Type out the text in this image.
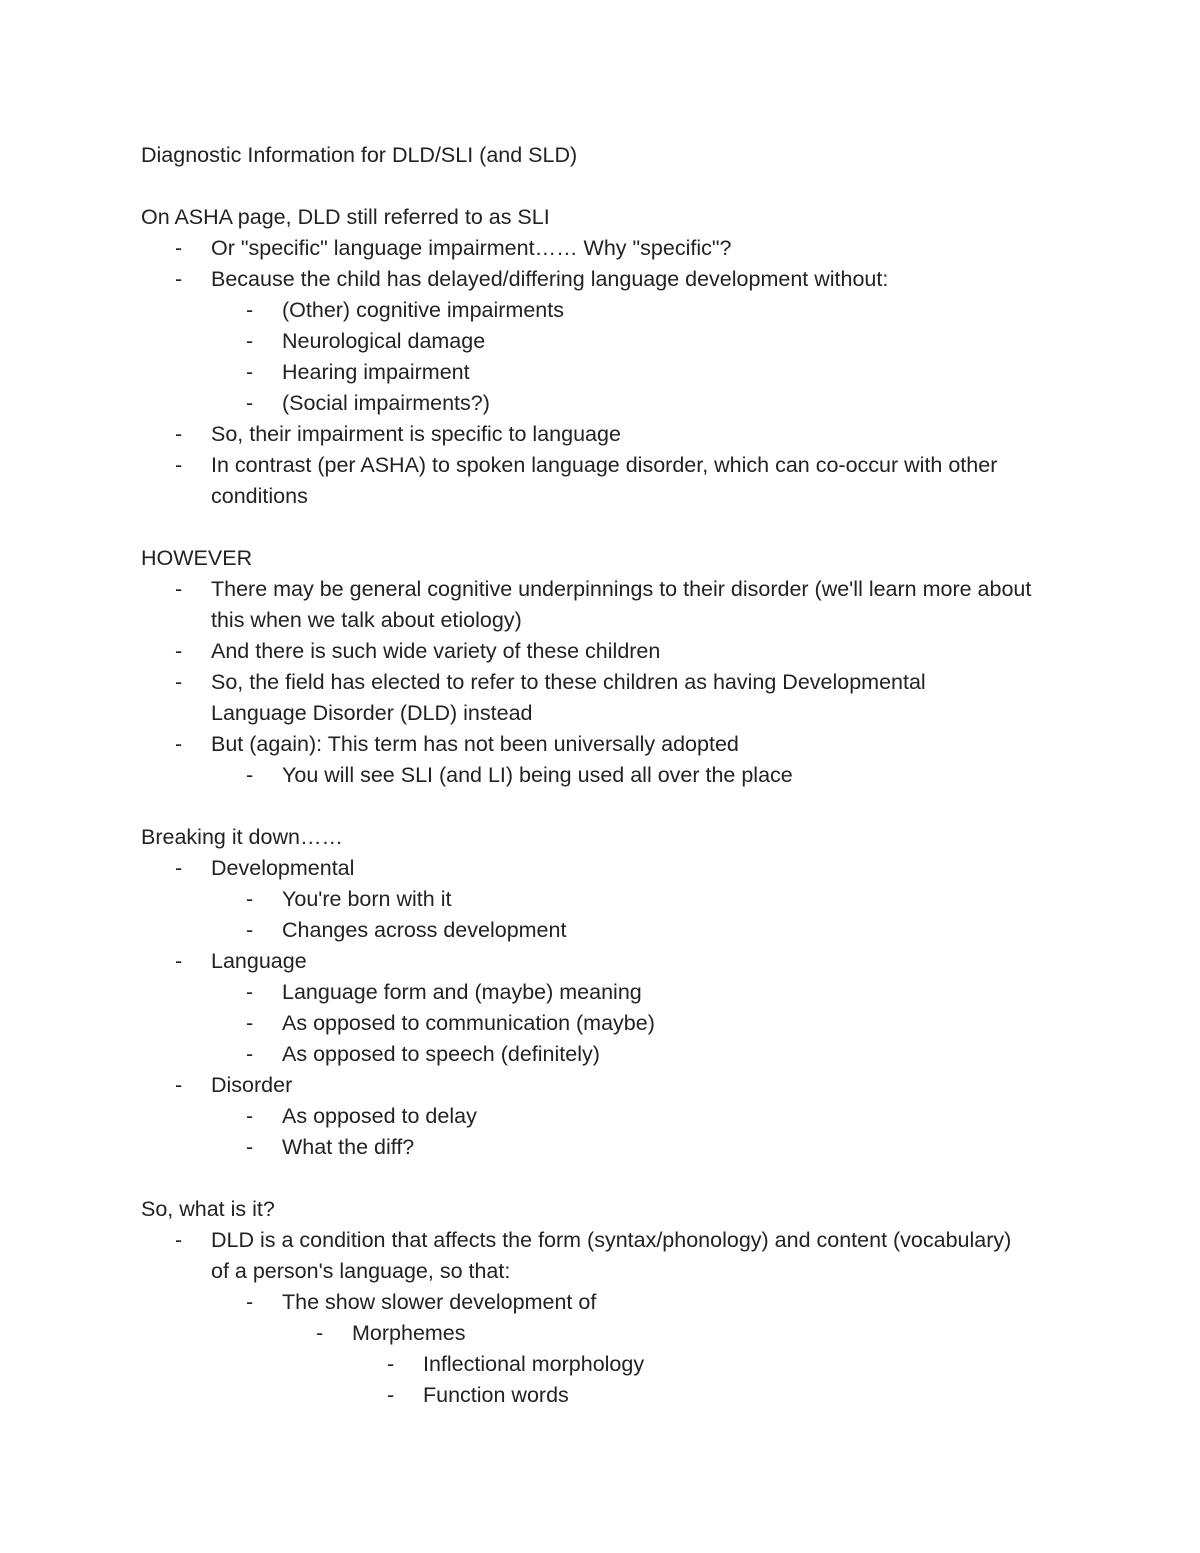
Diagnostic Information for DLD/SLI (and SLD)

On ASHA page, DLD still referred to as SLI

- Or "specific" language impairment…… Why "specific"?

- Because the child has delayed/differing language development without:

- (Other) cognitive impairments

- Neurological damage

- Hearing impairment

- (Social impairments?)

- So, their impairment is specific to language

- In contrast (per ASHA) to spoken language disorder, which can co-occur with other conditions

HOWEVER

- There may be general cognitive underpinnings to their disorder (we'll learn more about this when we talk about etiology)

- And there is such wide variety of these children

- So, the field has elected to refer to these children as having Developmental Language Disorder (DLD) instead

- But (again): This term has not been universally adopted

- You will see SLI (and LI) being used all over the place

Breaking it down……

- Developmental

- You're born with it

- Changes across development

- Language

- Language form and (maybe) meaning

- As opposed to communication (maybe)

- As opposed to speech (definitely)

- Disorder

- As opposed to delay

- What the diff?

So, what is it?

- DLD is a condition that affects the form (syntax/phonology) and content (vocabulary) of a person's language, so that:

- The show slower development of

- Morphemes

- Inflectional morphology

- Function words
